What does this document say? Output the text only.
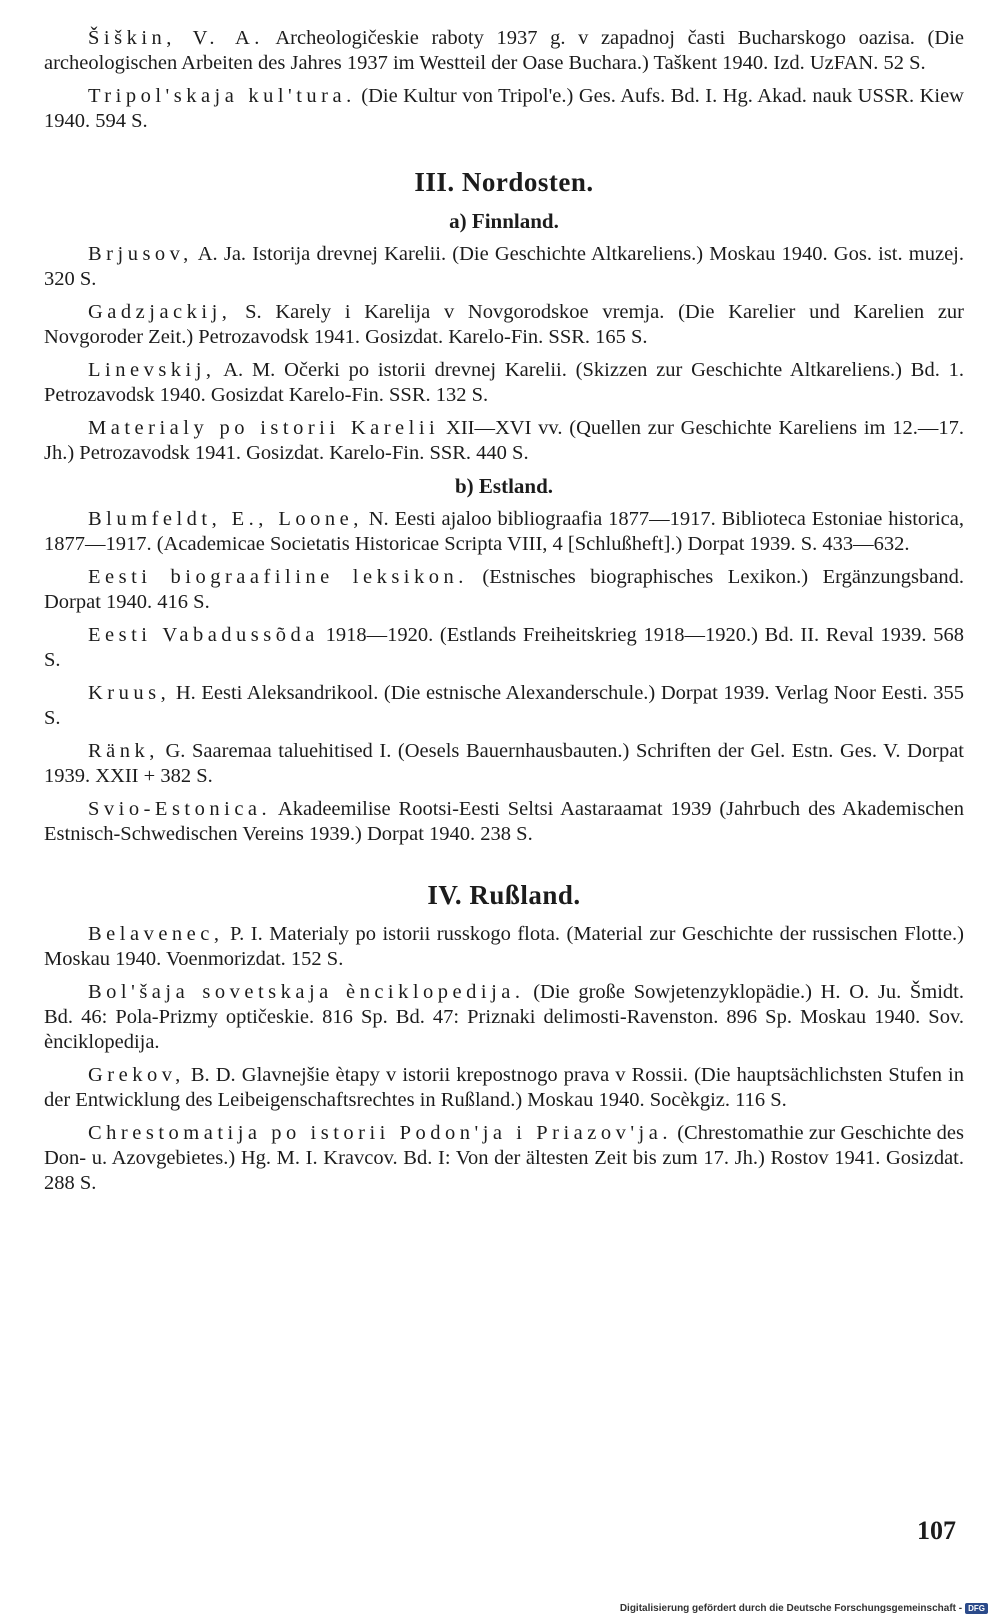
Šiškin, V. A. Archeologičeskie raboty 1937 g. v zapadnoj časti Bucharskogo oazisa. (Die archeologischen Arbeiten des Jahres 1937 im Westteil der Oase Buchara.) Taškent 1940. Izd. UzFAN. 52 S.

Tripol'skaja kul'tura. (Die Kultur von Tripol'e.) Ges. Aufs. Bd. I. Hg. Akad. nauk USSR. Kiew 1940. 594 S.

III. Nordosten.
a) Finnland.

Brjusov, A. Ja. Istorija drevnej Karelii. (Die Geschichte Altkareliens.) Moskau 1940. Gos. ist. muzej. 320 S.

Gadzjackij, S. Karely i Karelija v Novgorodskoe vremja. (Die Karelier und Karelien zur Novgoroder Zeit.) Petrozavodsk 1941. Gosizdat. Karelo-Fin. SSR. 165 S.

Linevskij, A. M. Očerki po istorii drevnej Karelii. (Skizzen zur Geschichte Altkareliens.) Bd. 1. Petrozavodsk 1940. Gosizdat Karelo-Fin. SSR. 132 S.

Materialy po istorii Karelii XII—XVI vv. (Quellen zur Geschichte Kareliens im 12.—17. Jh.) Petrozavodsk 1941. Gosizdat. Karelo-Fin. SSR. 440 S.

b) Estland.

Blumfeldt, E., Loone, N. Eesti ajaloo bibliograafia 1877—1917. Biblioteca Estoniae historica, 1877—1917. (Academicae Societatis Historicae Scripta VIII, 4 [Schlußheft].) Dorpat 1939. S. 433—632.

Eesti biograafiline leksikon. (Estnisches biographisches Lexikon.) Ergänzungsband. Dorpat 1940. 416 S.

Eesti Vabadussõda 1918—1920. (Estlands Freiheitskrieg 1918—1920.) Bd. II. Reval 1939. 568 S.

Kruus, H. Eesti Aleksandrikool. (Die estnische Alexanderschule.) Dorpat 1939. Verlag Noor Eesti. 355 S.

Ränk, G. Saaremaa taluehitised I. (Oesels Bauernhausbauten.) Schriften der Gel. Estn. Ges. V. Dorpat 1939. XXII + 382 S.

Svio-Estonica. Akadeemilise Rootsi-Eesti Seltsi Aastaraamat 1939 (Jahrbuch des Akademischen Estnisch-Schwedischen Vereins 1939.) Dorpat 1940. 238 S.

IV. Rußland.

Belavenec, P. I. Materialy po istorii russkogo flota. (Material zur Geschichte der russischen Flotte.) Moskau 1940. Voenmorizdat. 152 S.

Bol'šaja sovetskaja ènciklopedija. (Die große Sowjetenzyklopädie.) H. O. Ju. Šmidt. Bd. 46: Pola-Prizmy optičeskie. 816 Sp. Bd. 47: Priznaki delimosti-Ravenston. 896 Sp. Moskau 1940. Sov. ènciklopedija.

Grekov, B. D. Glavnejšie ètapy v istorii krepostnogo prava v Rossii. (Die hauptsächlichsten Stufen in der Entwicklung des Leibeigenschaftsrechtes in Rußland.) Moskau 1940. Socèkgiz. 116 S.

Chrestomatija po istorii Podon'ja i Priazov'ja. (Chrestomathie zur Geschichte des Don- u. Azovgebietes.) Hg. M. I. Kravcov. Bd. I: Von der ältesten Zeit bis zum 17. Jh.) Rostov 1941. Gosizdat. 288 S.

107
Digitalisierung gefördert durch die Deutsche Forschungsgemeinschaft - DFG
